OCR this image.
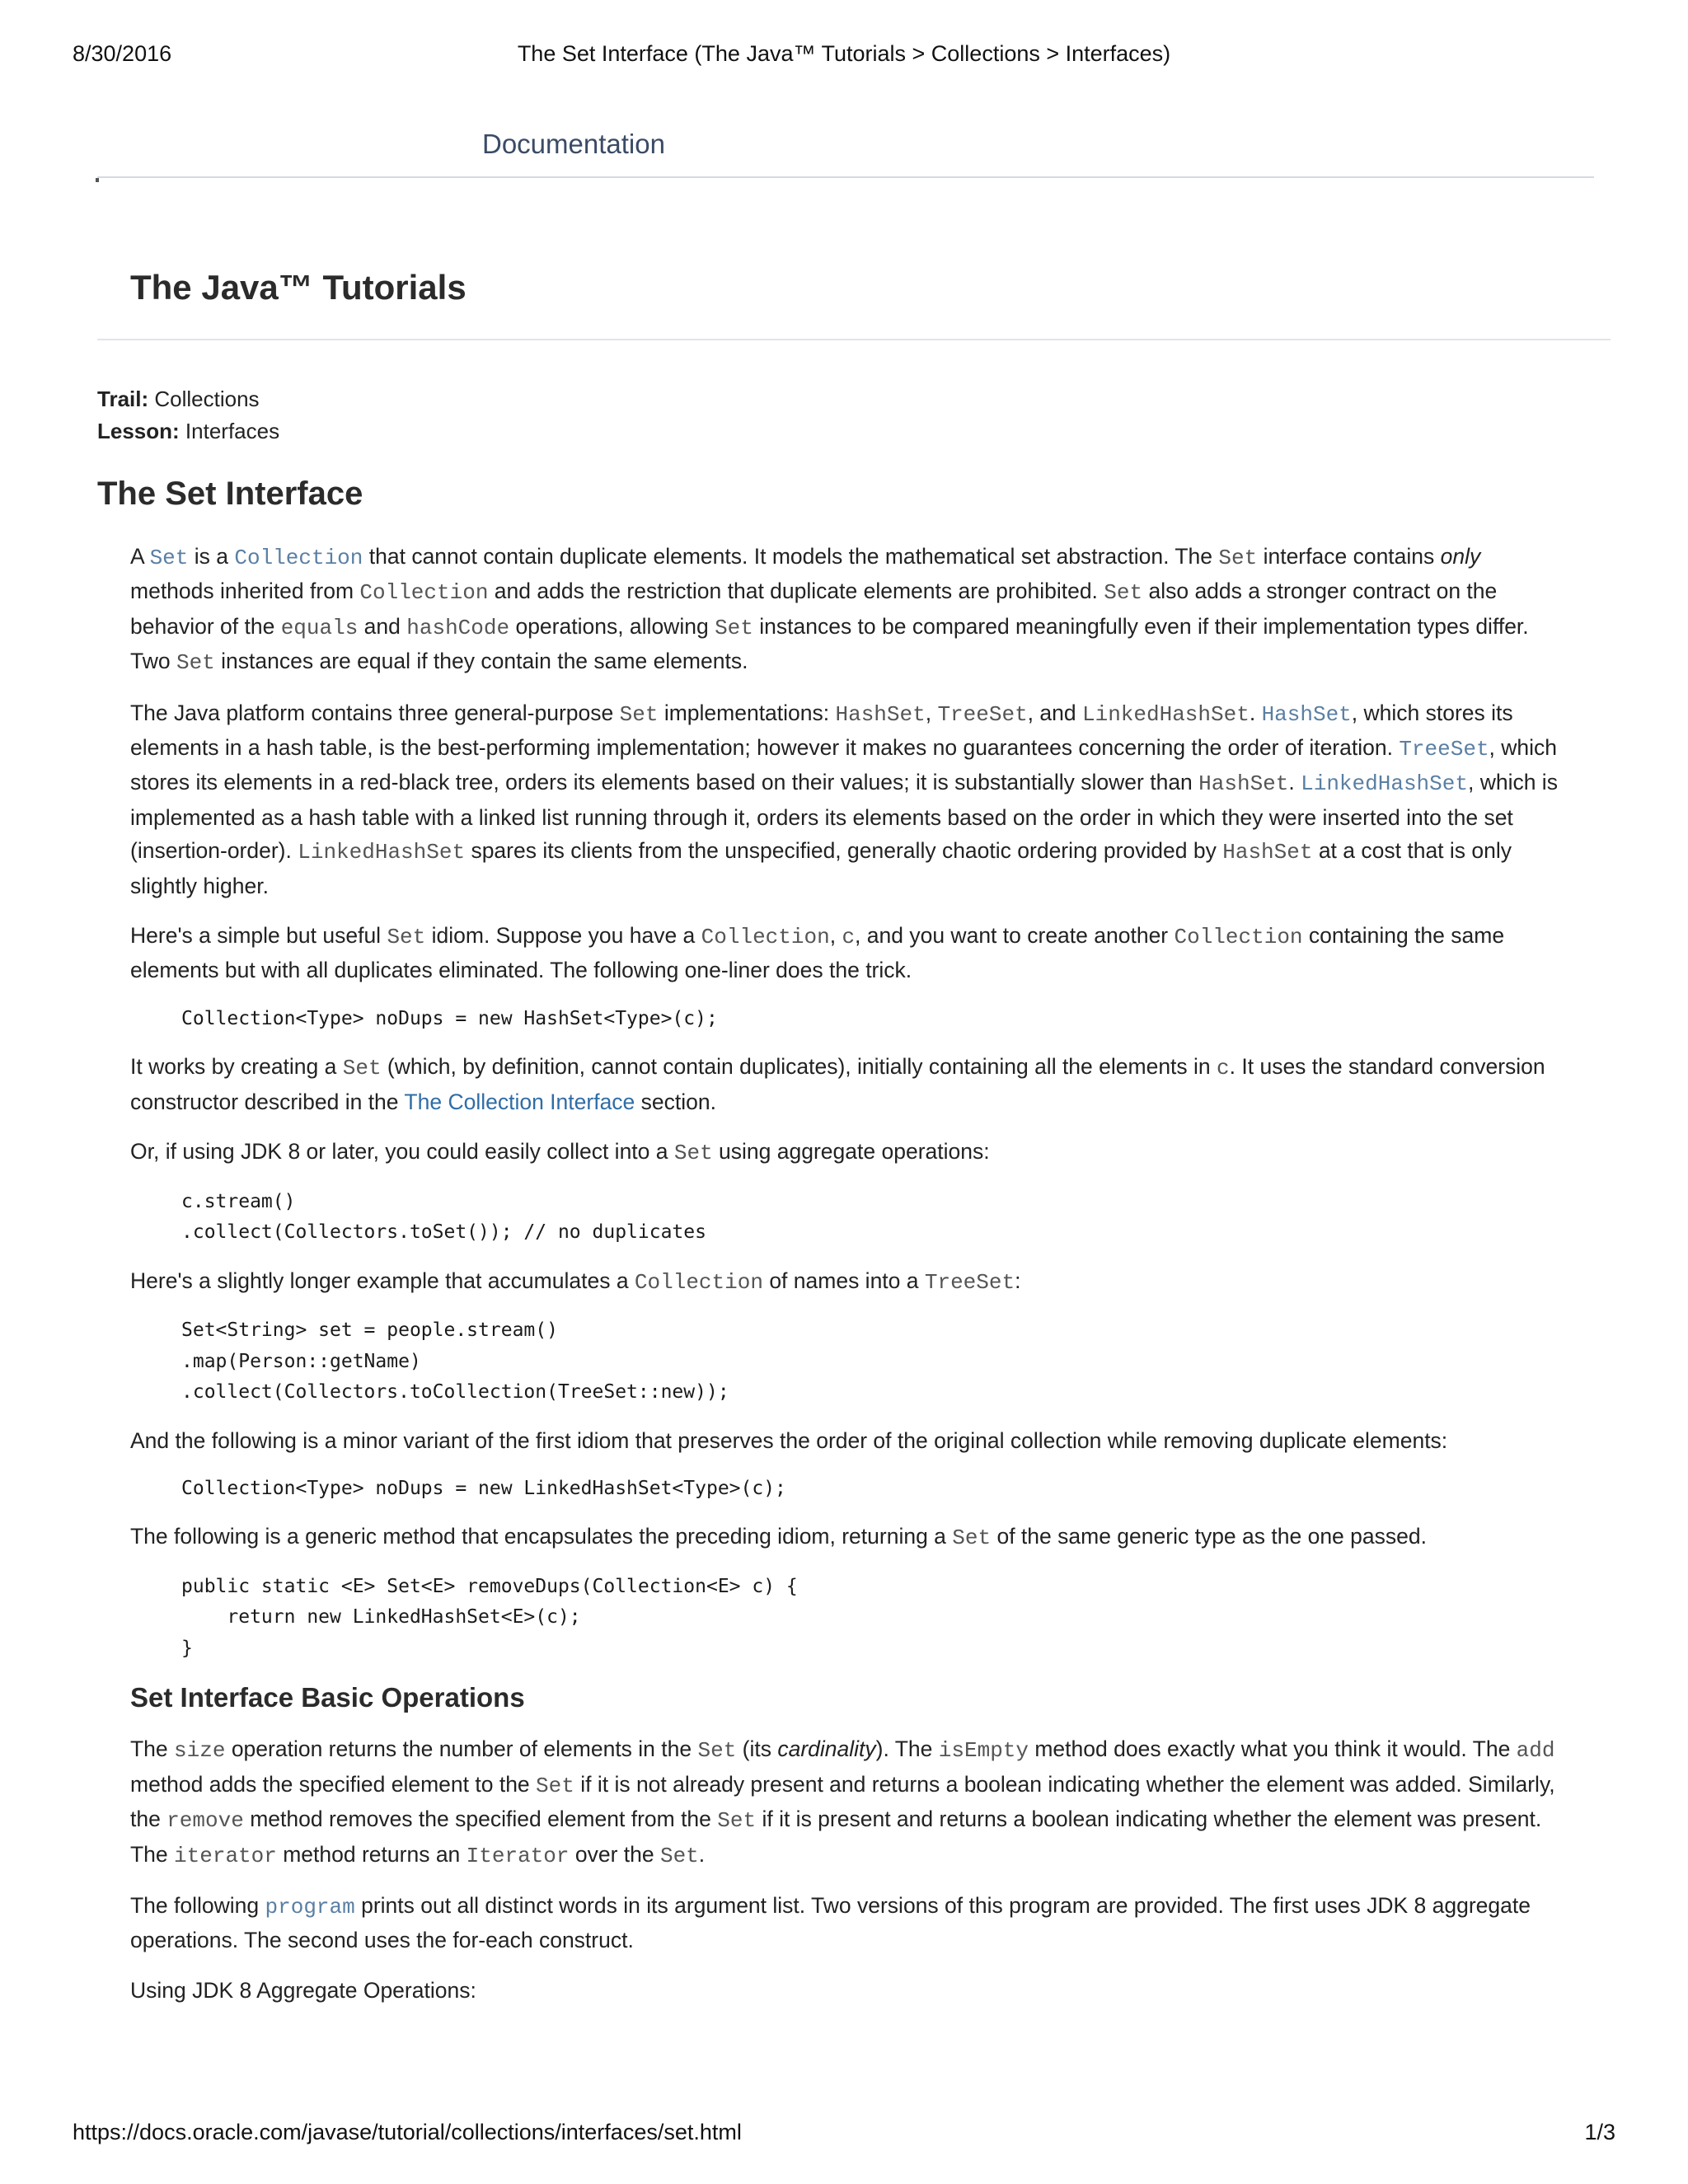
8/30/2016	The Set Interface (The Java™ Tutorials > Collections > Interfaces)
Documentation
The Java™ Tutorials
Trail: Collections
Lesson: Interfaces
The Set Interface

A Set is a Collection that cannot contain duplicate elements. It models the mathematical set abstraction. The Set interface contains only methods inherited from Collection and adds the restriction that duplicate elements are prohibited. Set also adds a stronger contract on the behavior of the equals and hashCode operations, allowing Set instances to be compared meaningfully even if their implementation types differ. Two Set instances are equal if they contain the same elements.

The Java platform contains three general-purpose Set implementations: HashSet, TreeSet, and LinkedHashSet. HashSet, which stores its elements in a hash table, is the best-performing implementation; however it makes no guarantees concerning the order of iteration. TreeSet, which stores its elements in a red-black tree, orders its elements based on their values; it is substantially slower than HashSet. LinkedHashSet, which is implemented as a hash table with a linked list running through it, orders its elements based on the order in which they were inserted into the set (insertion-order). LinkedHashSet spares its clients from the unspecified, generally chaotic ordering provided by HashSet at a cost that is only slightly higher.

Here's a simple but useful Set idiom. Suppose you have a Collection, c, and you want to create another Collection containing the same elements but with all duplicates eliminated. The following one-liner does the trick.

Collection<Type> noDups = new HashSet<Type>(c);

It works by creating a Set (which, by definition, cannot contain duplicates), initially containing all the elements in c. It uses the standard conversion constructor described in the The Collection Interface section.

Or, if using JDK 8 or later, you could easily collect into a Set using aggregate operations:

c.stream()
.collect(Collectors.toSet()); // no duplicates

Here's a slightly longer example that accumulates a Collection of names into a TreeSet:

Set<String> set = people.stream()
.map(Person::getName)
.collect(Collectors.toCollection(TreeSet::new));

And the following is a minor variant of the first idiom that preserves the order of the original collection while removing duplicate elements:

Collection<Type> noDups = new LinkedHashSet<Type>(c);

The following is a generic method that encapsulates the preceding idiom, returning a Set of the same generic type as the one passed.

public static <E> Set<E> removeDups(Collection<E> c) {
return new LinkedHashSet<E>(c);
}
Set Interface Basic Operations

The size operation returns the number of elements in the Set (its cardinality). The isEmpty method does exactly what you think it would. The add method adds the specified element to the Set if it is not already present and returns a boolean indicating whether the element was added. Similarly, the remove method removes the specified element from the Set if it is present and returns a boolean indicating whether the element was present. The iterator method returns an Iterator over the Set.

The following program prints out all distinct words in its argument list. Two versions of this program are provided. The first uses JDK 8 aggregate operations. The second uses the for-each construct.

Using JDK 8 Aggregate Operations:

https://docs.oracle.com/javase/tutorial/collections/interfaces/set.html	1/3
